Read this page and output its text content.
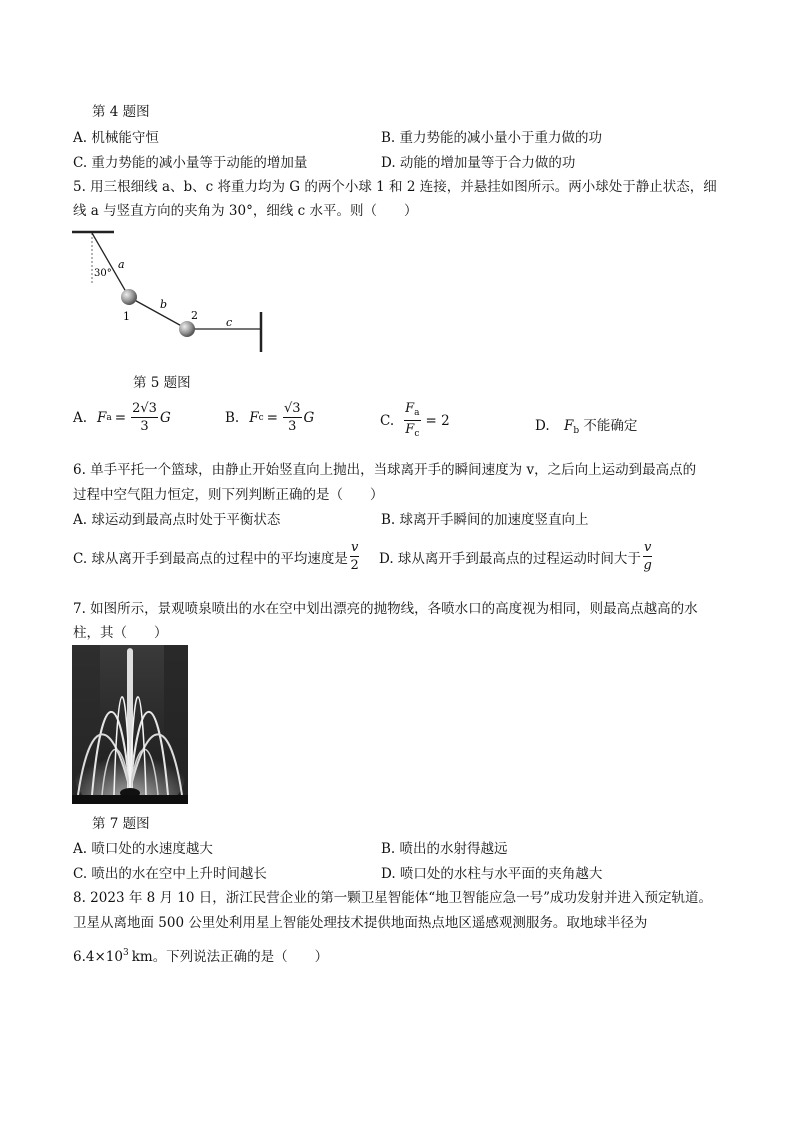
第 4 题图
A. 机械能守恒	B. 重力势能的减小量小于重力做的功
C. 重力势能的减小量等于动能的增加量	D. 动能的增加量等于合力做的功
5. 用三根细线 a、b、c 将重力均为 G 的两个小球 1 和 2 连接，并悬挂如图所示。两小球处于静止状态，细
线 a 与竖直方向的夹角为 30°，细线 c 水平。则（　　）
30°
a
b
c
1	2
第 5 题图
A. F $a = \frac{2√3}{3}$ G	B. F $c = \frac{√3}{3}$ G	C. $\frac{F_a}{F_c} = 2$	D. $F_b$ 不能确定
6. 单手平托一个篮球，由静止开始竖直向上抛出，当球离开手的瞬间速度为 v，之后向上运动到最高点的
过程中空气阻力恒定，则下列判断正确的是（　　）
A. 球运动到最高点时处于平衡状态	B. 球离开手瞬间的加速度竖直向上
C. 球从离开手到最高点的过程中的平均速度是 $\frac{v}{2} D$. 球从离开手到最高点的过程运动时间大于 $\frac{v}{g}$
7. 如图所示，景观喷泉喷出的水在空中划出漂亮的抛物线，各喷水口的高度视为相同，则最高点越高的水
柱，其（　　）
第 7 题图
A. 喷口处的水速度越大	B. 喷出的水射得越远
C. 喷出的水在空中上升时间越长	D. 喷口处的水柱与水平面的夹角越大
8. 2023 年 8 月 10 日，浙江民营企业的第一颗卫星智能体“地卫智能应急一号”成功发射并进入预定轨道。
卫星从离地面 500 公里处利用星上智能处理技术提供地面热点地区遥感观测服务。取地球半径为
$6.4\times 10^3$ km。下列说法正确的是（　　）
